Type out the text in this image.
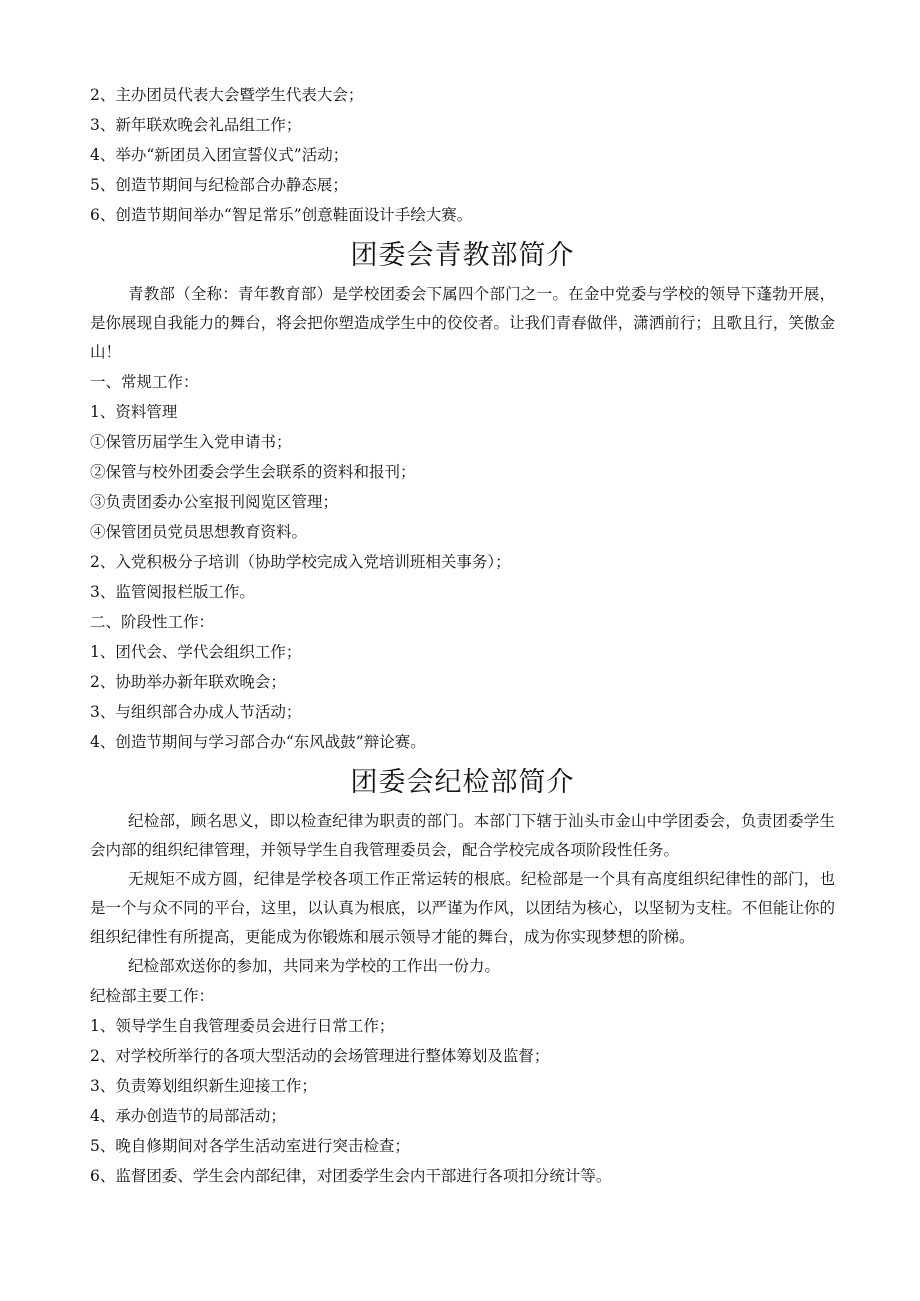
2、主办团员代表大会暨学生代表大会；
3、新年联欢晚会礼品组工作；
4、举办“新团员入团宣誓仪式”活动；
5、创造节期间与纪检部合办静态展；
6、创造节期间举办“智足常乐”创意鞋面设计手绘大赛。
团委会青教部简介
青教部（全称：青年教育部）是学校团委会下属四个部门之一。在金中党委与学校的领导下蓬勃开展，是你展现自我能力的舞台，将会把你塑造成学生中的佼佼者。让我们青春做伴，潇洒前行；且歌且行，笑傲金山！
一、常规工作：
1、资料管理
①保管历届学生入党申请书；
②保管与校外团委会学生会联系的资料和报刊；
③负责团委办公室报刊阅览区管理；
④保管团员党员思想教育资料。
2、入党积极分子培训（协助学校完成入党培训班相关事务）；
3、监管阅报栏版工作。
二、阶段性工作：
1、团代会、学代会组织工作；
2、协助举办新年联欢晚会；
3、与组织部合办成人节活动；
4、创造节期间与学习部合办“东风战鼓”辩论赛。
团委会纪检部简介
纪检部，顾名思义，即以检查纪律为职责的部门。本部门下辖于汕头市金山中学团委会，负责团委学生会内部的组织纪律管理，并领导学生自我管理委员会，配合学校完成各项阶段性任务。
无规矩不成方圆，纪律是学校各项工作正常运转的根底。纪检部是一个具有高度组织纪律性的部门，也是一个与众不同的平台，这里，以认真为根底，以严谨为作风，以团结为核心，以坚韧为支柱。不但能让你的组织纪律性有所提高，更能成为你锻炼和展示领导才能的舞台，成为你实现梦想的阶梯。
纪检部欢送你的参加，共同来为学校的工作出一份力。
纪检部主要工作：
1、领导学生自我管理委员会进行日常工作；
2、对学校所举行的各项大型活动的会场管理进行整体筹划及监督；
3、负责筹划组织新生迎接工作；
4、承办创造节的局部活动；
5、晚自修期间对各学生活动室进行突击检查；
6、监督团委、学生会内部纪律，对团委学生会内干部进行各项扣分统计等。
